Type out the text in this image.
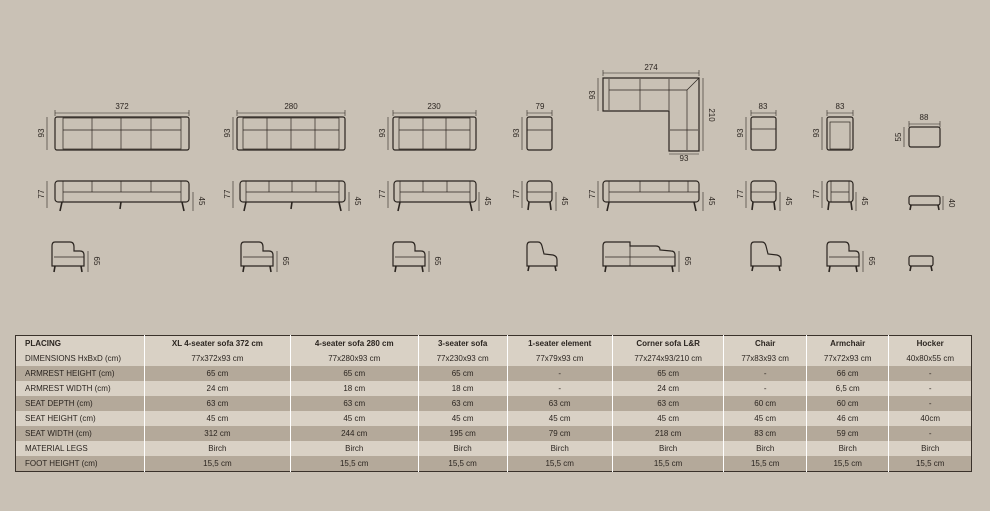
372
93
280
93
230
93
79
93
274
93
210
93
83
93
83
93
88
55
77
45
77
45
77
45
77
45
77
45
77
45
77
45	40
65	65	65	65	65
PLACING	XL 4-seater sofa 372 cm	4-seater sofa 280 cm	3-seater sofa	1-seater element	Corner sofa L&R	Chair	Armchair	Hocker
DIMENSIONS HxBxD (cm)	77x372x93 cm	77x280x93 cm	77x230x93 cm	77x79x93 cm	77x274x93/210 cm	77x83x93 cm	77x72x93 cm	40x80x55 cm
ARMREST HEIGHT (cm)	65 cm	65 cm	65 cm	-	65 cm	-	66 cm	-
ARMREST WIDTH (cm)	24 cm	18 cm	18 cm	-	24 cm	-	6,5 cm	-
SEAT DEPTH (cm)	63 cm	63 cm	63 cm	63 cm	63 cm	60 cm	60 cm	-
SEAT HEIGHT (cm)	45 cm	45 cm	45 cm	45 cm	45 cm	45 cm	46 cm	40cm
SEAT WIDTH (cm)	312 cm	244 cm	195 cm	79 cm	218 cm	83 cm	59 cm	-
MATERIAL LEGS	Birch	Birch	Birch	Birch	Birch	Birch	Birch	Birch
FOOT HEIGHT (cm)	15,5 cm	15,5 cm	15,5 cm	15,5 cm	15,5 cm	15,5 cm	15,5 cm	15,5 cm
